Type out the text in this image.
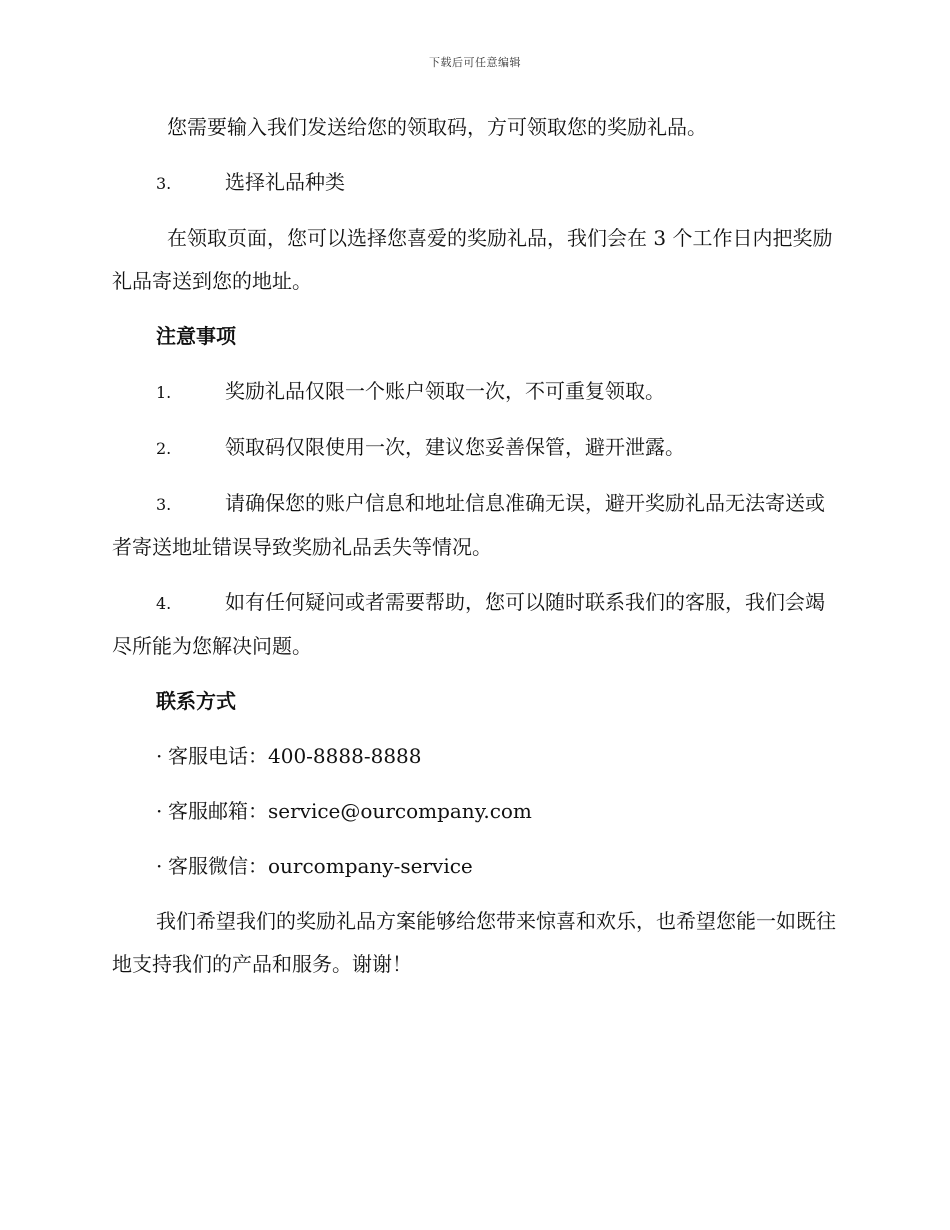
下载后可任意编辑

您需要输入我们发送给您的领取码，方可领取您的奖励礼品。

3.	选择礼品种类

在领取页面，您可以选择您喜爱的奖励礼品，我们会在 3 个工作日内把奖励礼品寄送到您的地址。

注意事项

1.	奖励礼品仅限一个账户领取一次，不可重复领取。

2.	领取码仅限使用一次，建议您妥善保管，避开泄露。

3.	请确保您的账户信息和地址信息准确无误，避开奖励礼品无法寄送或者寄送地址错误导致奖励礼品丢失等情况。

4.	如有任何疑问或者需要帮助，您可以随时联系我们的客服，我们会竭尽所能为您解决问题。

联系方式

· 客服电话：400-8888-8888

· 客服邮箱：service@ourcompany.com

· 客服微信：ourcompany-service

我们希望我们的奖励礼品方案能够给您带来惊喜和欢乐，也希望您能一如既往地支持我们的产品和服务。谢谢！
